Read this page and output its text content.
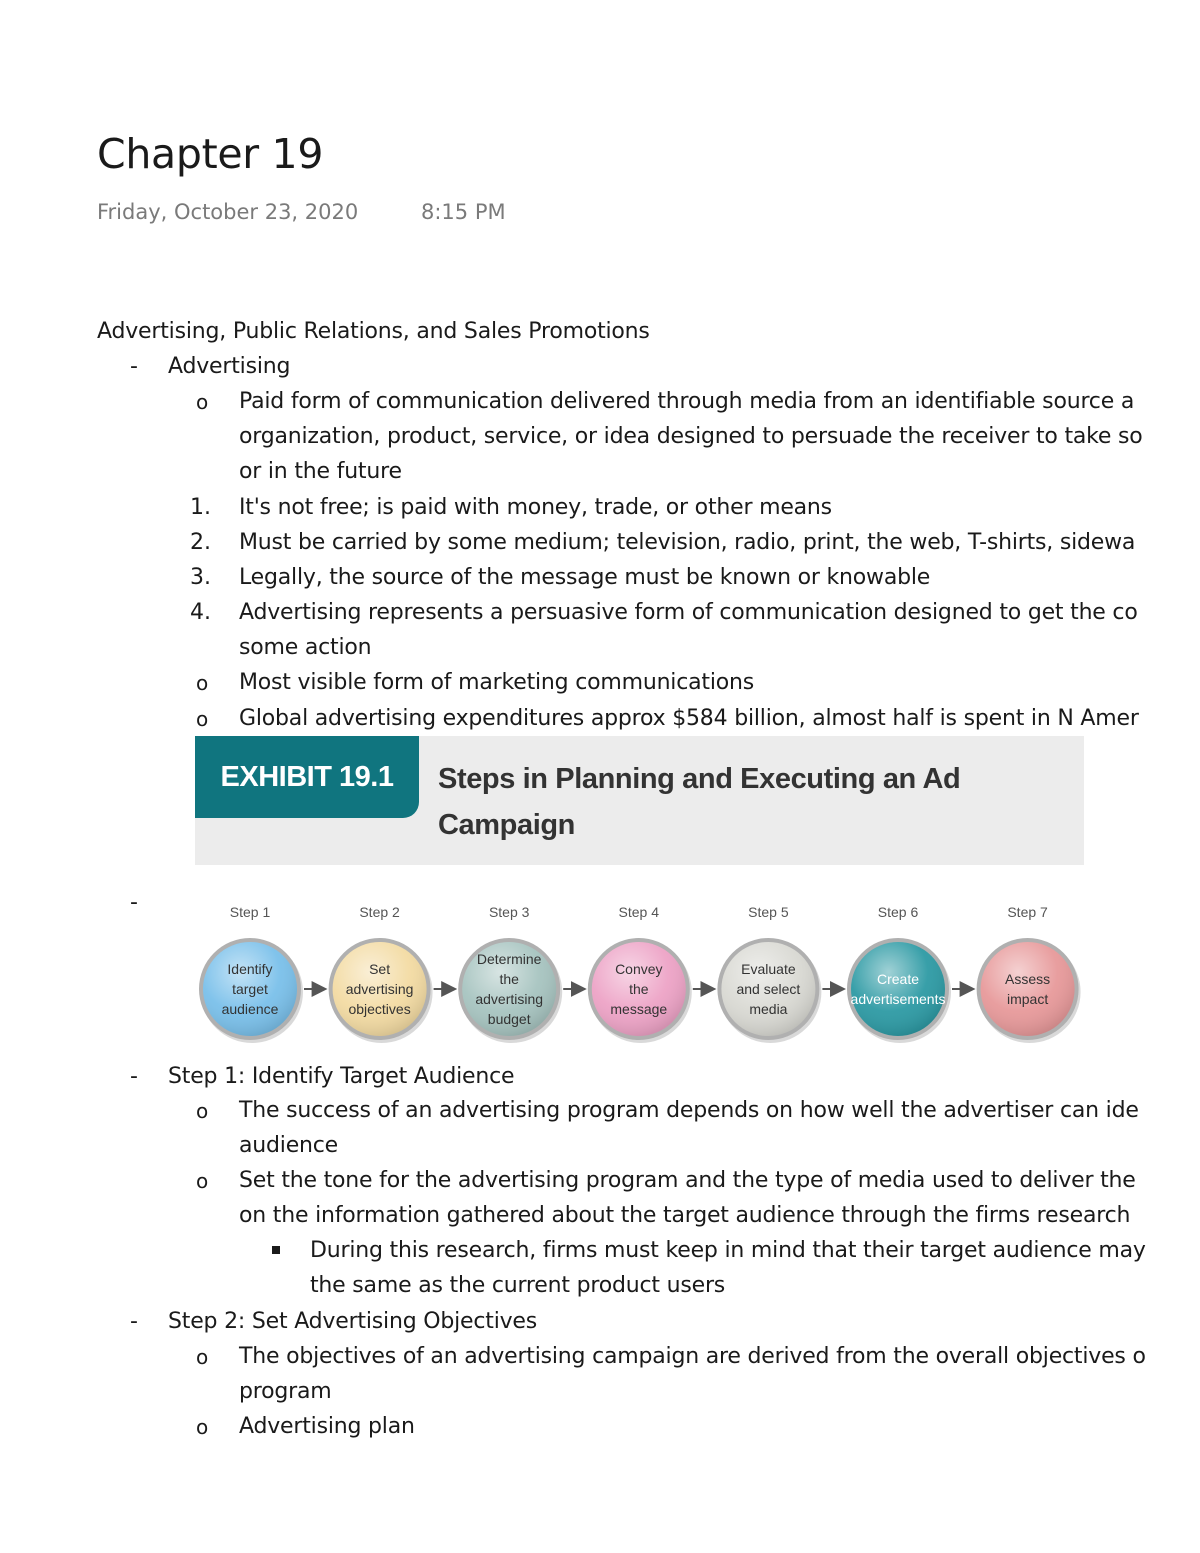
Chapter 19
Friday, October 23, 2020	8:15 PM
Advertising, Public Relations, and Sales Promotions
- Advertising
o Paid form of communication delivered through media from an identifiable source a
organization, product, service, or idea designed to persuade the receiver to take so
or in the future
1. It's not free; is paid with money, trade, or other means
2. Must be carried by some medium; television, radio, print, the web, T-shirts, sidewa
3. Legally, the source of the message must be known or knowable
4. Advertising represents a persuasive form of communication designed to get the co
some action
o Most visible form of marketing communications
o Global advertising expenditures approx $584 billion, almost half is spent in N Amer
EXHIBIT 19.1	Steps in Planning and Executing an Ad
Campaign
-	Step 1
Identify
target
audience
Step 2
Set
advertising
objectives
Step 3
Determine
the
advertising
budget
Step 4
Convey
the
message
Step 5
Evaluate
and select
media
Step 6
Create
advertisements
Step 7
Assess
impact
- Step 1: Identify Target Audience
o The success of an advertising program depends on how well the advertiser can ide
audience
o Set the tone for the advertising program and the type of media used to deliver the
on the information gathered about the target audience through the firms research
During this research, firms must keep in mind that their target audience may
the same as the current product users
- Step 2: Set Advertising Objectives
o The objectives of an advertising campaign are derived from the overall objectives o
program
o Advertising plan
